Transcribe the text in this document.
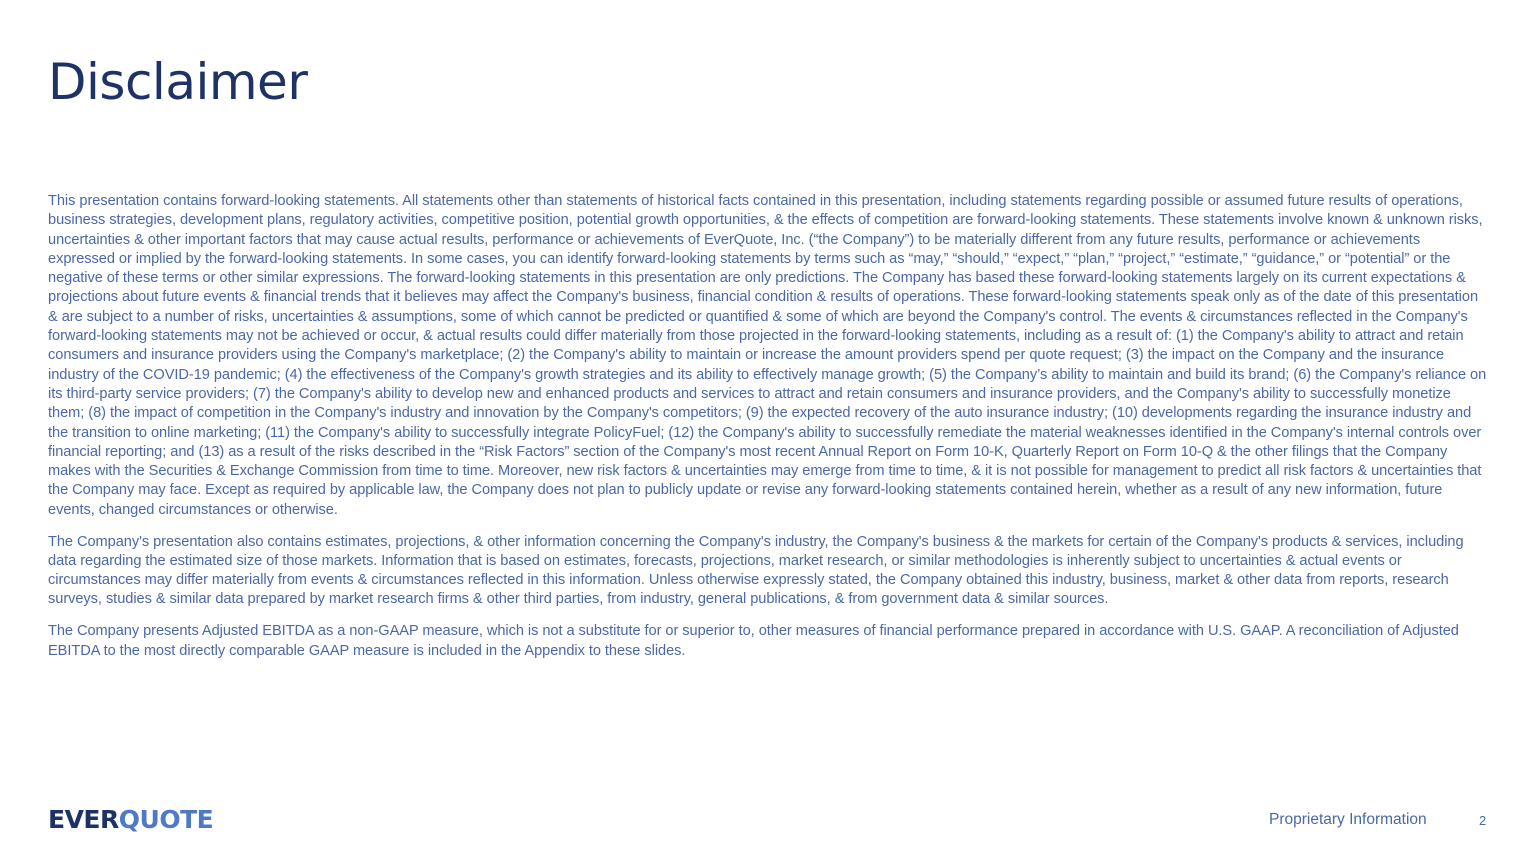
Disclaimer

This presentation contains forward-looking statements. All statements other than statements of historical facts contained in this presentation, including statements regarding possible or assumed future results of operations, business strategies, development plans, regulatory activities, competitive position, potential growth opportunities, & the effects of competition are forward-looking statements. These statements involve known & unknown risks, uncertainties & other important factors that may cause actual results, performance or achievements of EverQuote, Inc. (“the Company”) to be materially different from any future results, performance or achievements expressed or implied by the forward-looking statements. In some cases, you can identify forward-looking statements by terms such as “may,” “should,” “expect,” “plan,” “project,” “estimate,” “guidance,” or “potential” or the negative of these terms or other similar expressions. The forward-looking statements in this presentation are only predictions. The Company has based these forward-looking statements largely on its current expectations & projections about future events & financial trends that it believes may affect the Company's business, financial condition & results of operations. These forward-looking statements speak only as of the date of this presentation & are subject to a number of risks, uncertainties & assumptions, some of which cannot be predicted or quantified & some of which are beyond the Company's control. The events & circumstances reflected in the Company's forward-looking statements may not be achieved or occur, & actual results could differ materially from those projected in the forward-looking statements, including as a result of: (1) the Company's ability to attract and retain consumers and insurance providers using the Company's marketplace; (2) the Company's ability to maintain or increase the amount providers spend per quote request; (3) the impact on the Company and the insurance industry of the COVID-19 pandemic; (4) the effectiveness of the Company's growth strategies and its ability to effectively manage growth; (5) the Company’s ability to maintain and build its brand; (6) the Company's reliance on its third-party service providers; (7) the Company's ability to develop new and enhanced products and services to attract and retain consumers and insurance providers, and the Company's ability to successfully monetize them; (8) the impact of competition in the Company's industry and innovation by the Company's competitors; (9) the expected recovery of the auto insurance industry; (10) developments regarding the insurance industry and the transition to online marketing; (11) the Company's ability to successfully integrate PolicyFuel; (12) the Company's ability to successfully remediate the material weaknesses identified in the Company's internal controls over financial reporting; and (13) as a result of the risks described in the “Risk Factors” section of the Company's most recent Annual Report on Form 10-K, Quarterly Report on Form 10-Q & the other filings that the Company makes with the Securities & Exchange Commission from time to time. Moreover, new risk factors & uncertainties may emerge from time to time, & it is not possible for management to predict all risk factors & uncertainties that the Company may face. Except as required by applicable law, the Company does not plan to publicly update or revise any forward-looking statements contained herein, whether as a result of any new information, future events, changed circumstances or otherwise.

The Company's presentation also contains estimates, projections, & other information concerning the Company's industry, the Company's business & the markets for certain of the Company's products & services, including data regarding the estimated size of those markets. Information that is based on estimates, forecasts, projections, market research, or similar methodologies is inherently subject to uncertainties & actual events or circumstances may differ materially from events & circumstances reflected in this information. Unless otherwise expressly stated, the Company obtained this industry, business, market & other data from reports, research surveys, studies & similar data prepared by market research firms & other third parties, from industry, general publications, & from government data & similar sources.

The Company presents Adjusted EBITDA as a non-GAAP measure, which is not a substitute for or superior to, other measures of financial performance prepared in accordance with U.S. GAAP. A reconciliation of Adjusted EBITDA to the most directly comparable GAAP measure is included in the Appendix to these slides.

EVERQUOTE	Proprietary Information	2
